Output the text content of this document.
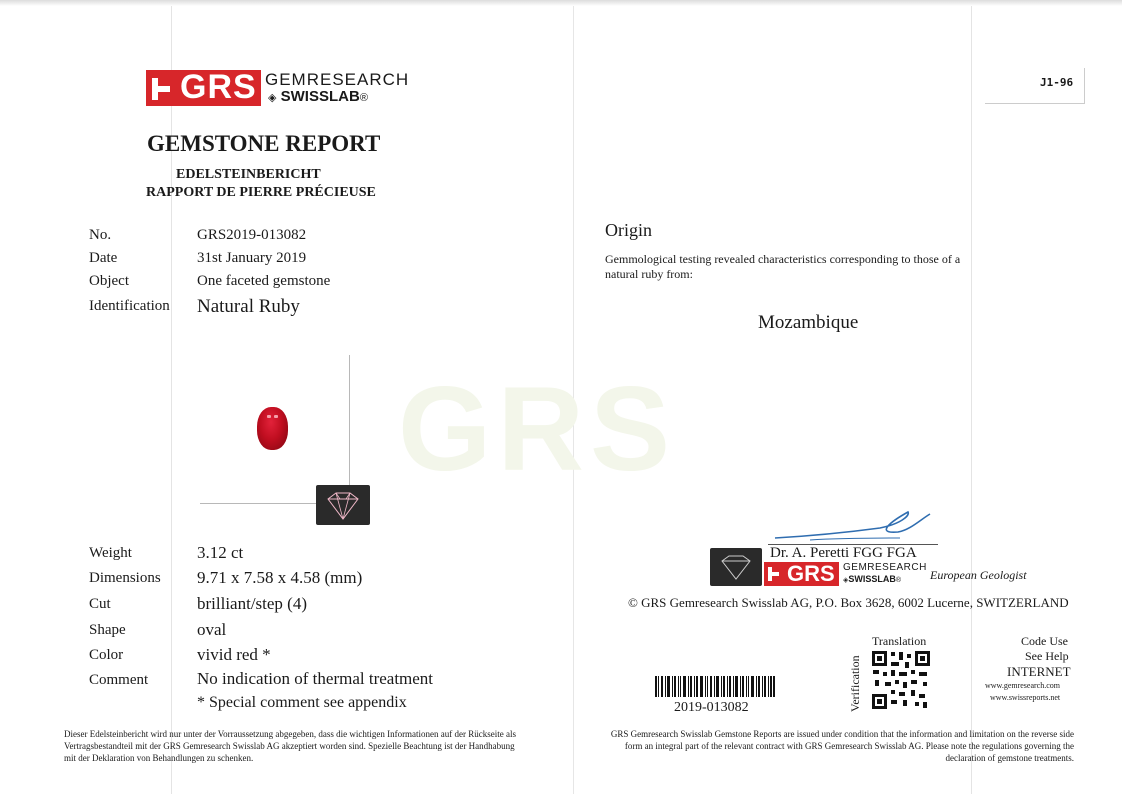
GRS
GRS GEMRESEARCH
◈ SWISSLAB®
J1-96
GEMSTONE REPORT
EDELSTEINBERICHT
RAPPORT DE PIERRE PRÉCIEUSE
No.	GRS2019-013082
Date	31st January 2019
Object	One faceted gemstone
Identification Natural Ruby
Weight	3.12 ct
Dimensions 9.71 x 7.58 x 4.58 (mm)
Cut	brilliant/step (4)
Shape	oval
Color	vivid red *
Comment	No indication of thermal treatment
* Special comment see appendix
Dieser Edelsteinbericht wird nur unter der Vorraussetzung abgegeben, dass die wichtigen Informationen auf der Rückseite als Vertragsbestandteil mit der GRS Gemresearch Swisslab AG akzeptiert worden sind. Spezielle Beachtung ist der Handhabung mit der Deklaration von Behandlungen zu schenken.
Origin
Gemmological testing revealed characteristics corresponding to those of a natural ruby from:
Mozambique
Dr. A. Peretti FGG FGA
GRS GEMRESEARCH
◈SWISSLAB® European Geologist
© GRS Gemresearch Swisslab AG, P.O. Box 3628, 6002 Lucerne, SWITZERLAND
Translation
Verification
Code Use
See Help
INTERNET
www.gemresearch.com
www.swissreports.net
2019-013082
GRS Gemresearch Swisslab Gemstone Reports are issued under condition that the information and limitation on the reverse side form an integral part of the relevant contract with GRS Gemresearch Swisslab AG. Please note the regulations governing the declaration of gemstone treatments.
